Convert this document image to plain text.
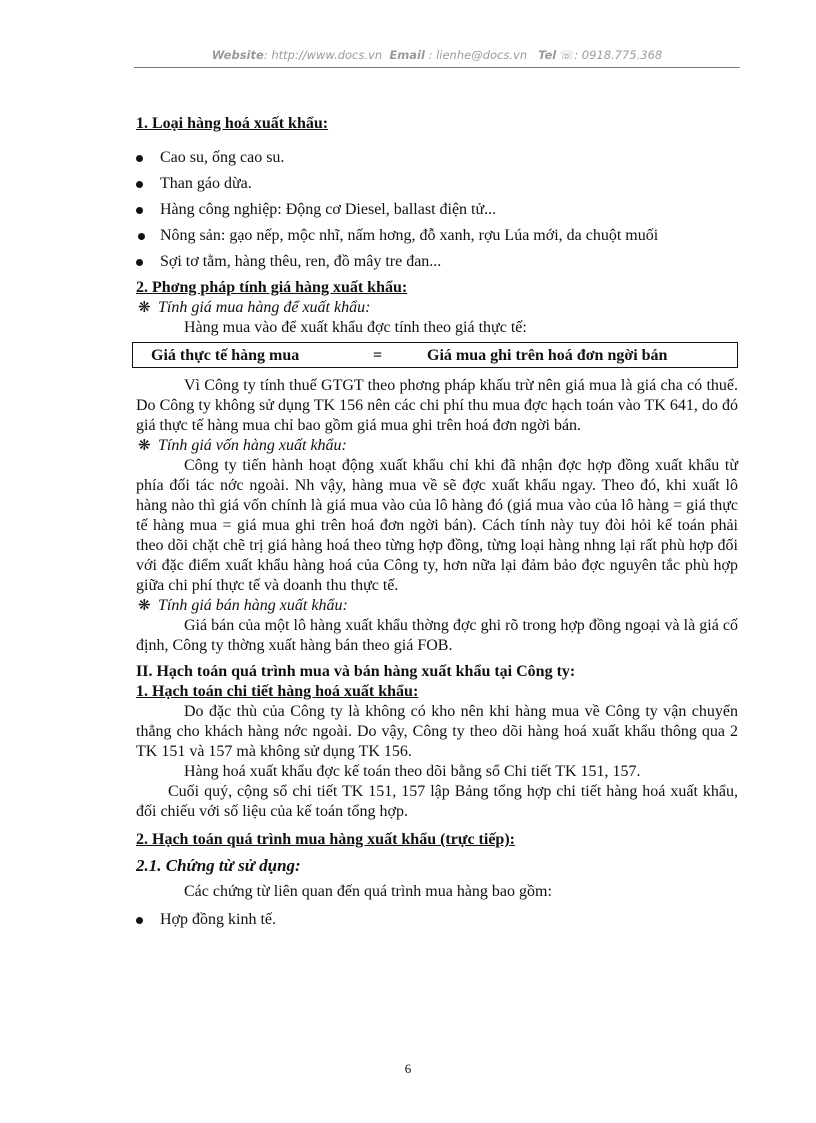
Website: http://www.docs.vn Email : lienhe@docs.vn Tel ☏: 0918.775.368

1. Loại hàng hoá xuất khẩu:

Cao su, ống cao su.

Than gáo dừa.

Hàng công nghiệp: Động cơ Diesel, ballast điện tử...

Nông sản: gạo nếp, mộc nhĩ, nấm hơng, đỗ xanh, rợu Lúa mới, da chuột muối

Sợi tơ tằm, hàng thêu, ren, đồ mây tre đan...

2. Phơng pháp tính giá hàng xuất khẩu:

❋ Tính giá mua hàng để xuất khẩu:

Hàng mua vào để xuất khẩu đợc tính theo giá thực tế:

Giá thực tế hàng mua	=	Giá mua ghi trên hoá đơn ngời bán

Vì Công ty tính thuế GTGT theo phơng pháp khấu trừ nên giá mua là giá cha có thuế. Do Công ty không sử dụng TK 156 nên các chi phí thu mua đợc hạch toán vào TK 641, do đó giá thực tế hàng mua chỉ bao gồm giá mua ghi trên hoá đơn ngời bán.

❋ Tính giá vốn hàng xuất khẩu:

Công ty tiến hành hoạt động xuất khẩu chỉ khi đã nhận đợc hợp đồng xuất khẩu từ phía đối tác nớc ngoài. Nh vậy, hàng mua về sẽ đợc xuất khẩu ngay. Theo đó, khi xuất lô hàng nào thì giá vốn chính là giá mua vào của lô hàng đó (giá mua vào của lô hàng = giá thực tế hàng mua = giá mua ghi trên hoá đơn ngời bán). Cách tính này tuy đòi hỏi kế toán phải theo dõi chặt chẽ trị giá hàng hoá theo từng hợp đồng, từng loại hàng nhng lại rất phù hợp đối với đặc điểm xuất khẩu hàng hoá của Công ty, hơn nữa lại đảm bảo đợc nguyên tắc phù hợp giữa chi phí thực tế và doanh thu thực tế.

❋ Tính giá bán hàng xuất khẩu:

Giá bán của một lô hàng xuất khẩu thờng đợc ghi rõ trong hợp đồng ngoại và là giá cố định, Công ty thờng xuất hàng bán theo giá FOB.

II. Hạch toán quá trình mua và bán hàng xuất khẩu tại Công ty:

1. Hạch toán chi tiết hàng hoá xuất khẩu:

Do đặc thù của Công ty là không có kho nên khi hàng mua về Công ty vận chuyển thẳng cho khách hàng nớc ngoài. Do vậy, Công ty theo dõi hàng hoá xuất khẩu thông qua 2 TK 151 và 157 mà không sử dụng TK 156.

Hàng hoá xuất khẩu đợc kế toán theo dõi bằng sổ Chi tiết TK 151, 157.

Cuối quý, cộng sổ chi tiết TK 151, 157 lập Bảng tổng hợp chi tiết hàng hoá xuất khẩu, đối chiếu với số liệu của kế toán tổng hợp.

2. Hạch toán quá trình mua hàng xuất khẩu (trực tiếp):

2.1. Chứng từ sử dụng:

Các chứng từ liên quan đến quá trình mua hàng bao gồm:

Hợp đồng kinh tế.

6
